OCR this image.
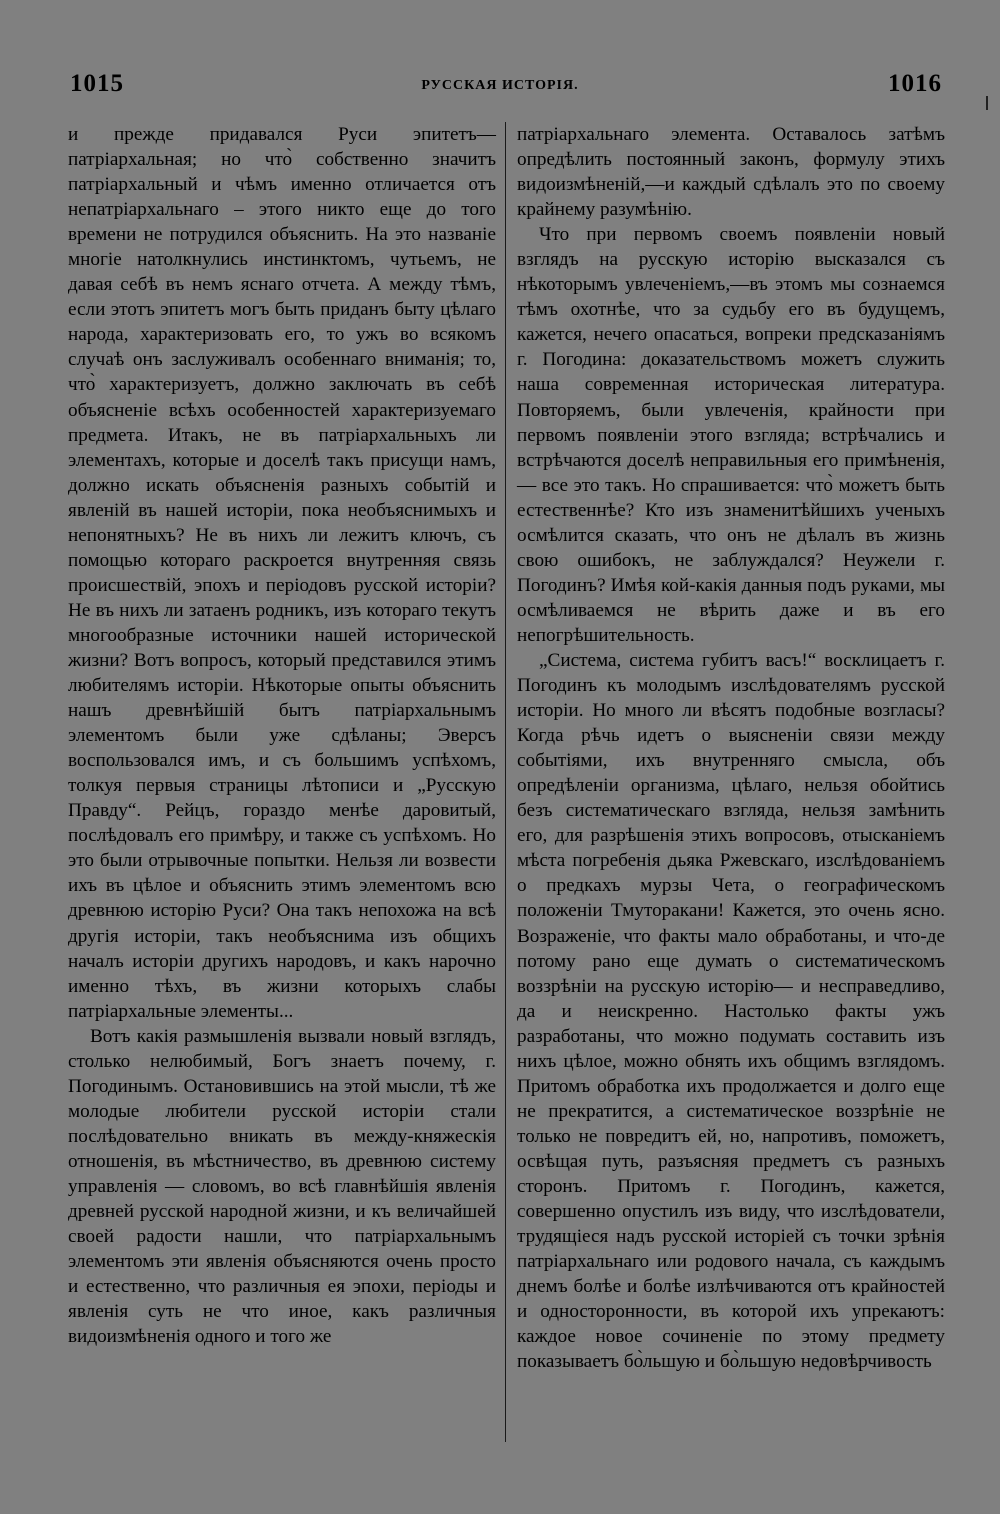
1015	РУССКАЯ ИСТОРІЯ.	1016

и прежде придавался Руси эпитетъ—патріархальная; но что̀ собственно значитъ патріархальный и чѣмъ именно отличается отъ непатріархальнаго – этого никто еще до того времени не потрудился объяснить. На это названіе многіе натолкнулись инстинктомъ, чутьемъ, не давая себѣ въ немъ яснаго отчета. А между тѣмъ, если этотъ эпитетъ могъ быть приданъ быту цѣлаго народа, характеризовать его, то ужъ во всякомъ случаѣ онъ заслуживалъ особеннаго вниманія; то, что̀ характеризуетъ, должно заключать въ себѣ объясненіе всѣхъ особенностей характеризуемаго предмета. Итакъ, не въ патріархальныхъ ли элементахъ, которые и доселѣ такъ присущи намъ, должно искать объясненія разныхъ событій и явленій въ нашей исторіи, пока необъяснимыхъ и непонятныхъ? Не въ нихъ ли лежитъ ключъ, съ помощью котораго раскроется внутренняя связь происшествій, эпохъ и періодовъ русской исторіи? Не въ нихъ ли затаенъ родникъ, изъ котораго текутъ многообразные источники нашей исторической жизни? Вотъ вопросъ, который представился этимъ любителямъ исторіи. Нѣкоторые опыты объяснить нашъ древнѣйшій бытъ патріархальнымъ элементомъ были уже сдѣланы; Эверсъ воспользовался имъ, и съ большимъ успѣхомъ, толкуя первыя страницы лѣтописи и „Русскую Правду“. Рейцъ, гораздо менѣе даровитый, послѣдовалъ его примѣру, и также съ успѣхомъ. Но это были отрывочные попытки. Нельзя ли возвести ихъ въ цѣлое и объяснить этимъ элементомъ всю древнюю исторію Руси? Она такъ непохожа на всѣ другія исторіи, такъ необъяснима изъ общихъ началъ исторіи другихъ народовъ, и какъ нарочно именно тѣхъ, въ жизни которыхъ слабы патріархальные элементы...

Вотъ какія размышленія вызвали новый взглядъ, столько нелюбимый, Богъ знаетъ почему, г. Погодинымъ. Остановившись на этой мысли, тѣ же молодые любители русской исторіи стали послѣдовательно вникать въ между-княжескія отношенія, въ мѣстничество, въ древнюю систему управленія — словомъ, во всѣ главнѣйшія явленія древней русской народной жизни, и къ величайшей своей радости нашли, что патріархальнымъ элементомъ эти явленія объясняются очень просто и естественно, что различныя ея эпохи, періоды и явленія суть не что иное, какъ различныя видоизмѣненія одного и того же

патріархальнаго элемента. Оставалось затѣмъ опредѣлить постоянный законъ, формулу этихъ видоизмѣненій,—и каждый сдѣлалъ это по своему крайнему разумѣнію.

Что при первомъ своемъ появленіи новый взглядъ на русскую исторію высказался съ нѣкоторымъ увлеченіемъ,—въ этомъ мы сознаемся тѣмъ охотнѣе, что за судьбу его въ будущемъ, кажется, нечего опасаться, вопреки предсказаніямъ г. Погодина: доказательствомъ можетъ служить наша современная историческая литература. Повторяемъ, были увлеченія, крайности при первомъ появленіи этого взгляда; встрѣчались и встрѣчаются доселѣ неправильныя его примѣненія,— все это такъ. Но спрашивается: что̀ можетъ быть естественнѣе? Кто изъ знаменитѣйшихъ ученыхъ осмѣлится сказать, что онъ не дѣлалъ въ жизнь свою ошибокъ, не заблуждался? Неужели г. Погодинъ? Имѣя кой-какія данныя подъ руками, мы осмѣливаемся не вѣрить даже и въ его непогрѣшительность.

„Система, система губитъ васъ!“ восклицаетъ г. Погодинъ къ молодымъ изслѣдователямъ русской исторіи. Но много ли вѣсятъ подобные возгласы? Когда рѣчь идетъ о выясненіи связи между событіями, ихъ внутренняго смысла, объ опредѣленіи организма, цѣлаго, нельзя обойтись безъ систематическаго взгляда, нельзя замѣнить его, для разрѣшенія этихъ вопросовъ, отысканіемъ мѣста погребенія дьяка Ржевскаго, изслѣдованіемъ о предкахъ мурзы Чета, о географическомъ положеніи Тмуторакани! Кажется, это очень ясно. Возраженіе, что факты мало обработаны, и что-де потому рано еще думать о систематическомъ воззрѣніи на русскую исторію— и несправедливо, да и неискренно. Настолько факты ужъ разработаны, что можно подумать составить изъ нихъ цѣлое, можно обнять ихъ общимъ взглядомъ. Притомъ обработка ихъ продолжается и долго еще не прекратится, а систематическое воззрѣніе не только не повредитъ ей, но, напротивъ, поможетъ, освѣщая путь, разъясняя предметъ съ разныхъ сторонъ. Притомъ г. Погодинъ, кажется, совершенно опустилъ изъ виду, что изслѣдователи, трудящіеся надъ русской исторіей съ точки зрѣнія патріархальнаго или родового начала, съ каждымъ днемъ болѣе и болѣе излѣчиваются отъ крайностей и односторонности, въ которой ихъ упрекаютъ: каждое новое сочиненіе по этому предмету показываетъ бо̀льшую и бо̀льшую недовѣрчивость
